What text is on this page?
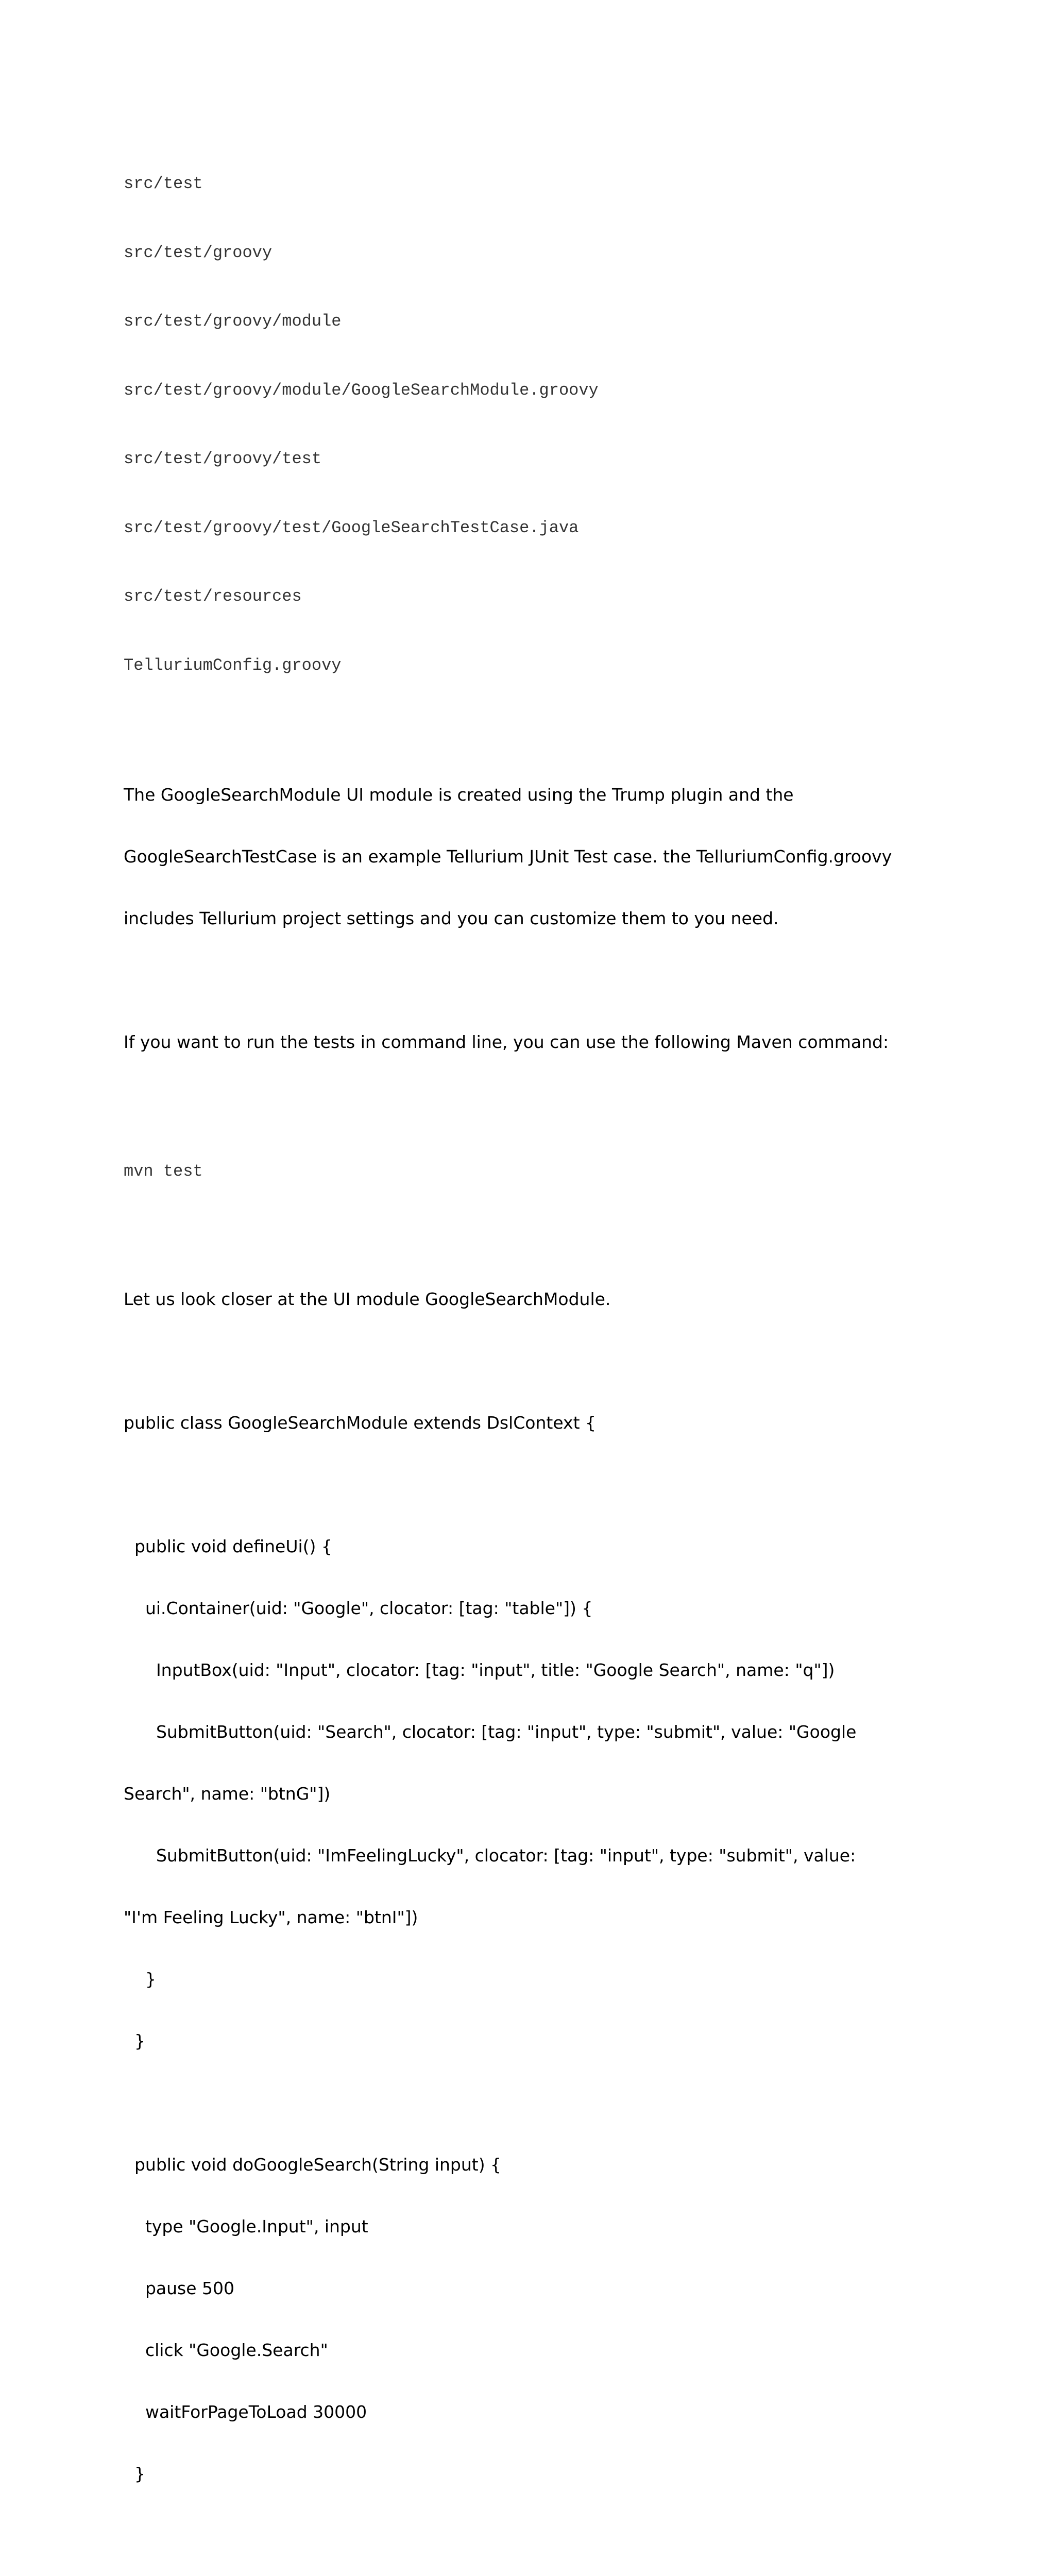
src/test

src/test/groovy

src/test/groovy/module

src/test/groovy/module/GoogleSearchModule.groovy

src/test/groovy/test

src/test/groovy/test/GoogleSearchTestCase.java

src/test/resources

TelluriumConfig.groovy

The GoogleSearchModule UI module is created using the Trump plugin and the

GoogleSearchTestCase is an example Tellurium JUnit Test case. the TelluriumConfig.groovy

includes Tellurium project settings and you can customize them to you need.

If you want to run the tests in command line, you can use the following Maven command:

mvn test

Let us look closer at the UI module GoogleSearchModule.

public class GoogleSearchModule extends DslContext {

public void defineUi() {

ui.Container(uid: "Google", clocator: [tag: "table"]) {

InputBox(uid: "Input", clocator: [tag: "input", title: "Google Search", name: "q"])

SubmitButton(uid: "Search", clocator: [tag: "input", type: "submit", value: "Google

Search", name: "btnG"])

SubmitButton(uid: "ImFeelingLucky", clocator: [tag: "input", type: "submit", value:

"I'm Feeling Lucky", name: "btnI"])

}

}

public void doGoogleSearch(String input) {

type "Google.Input", input

pause 500

click "Google.Search"

waitForPageToLoad 30000

}
